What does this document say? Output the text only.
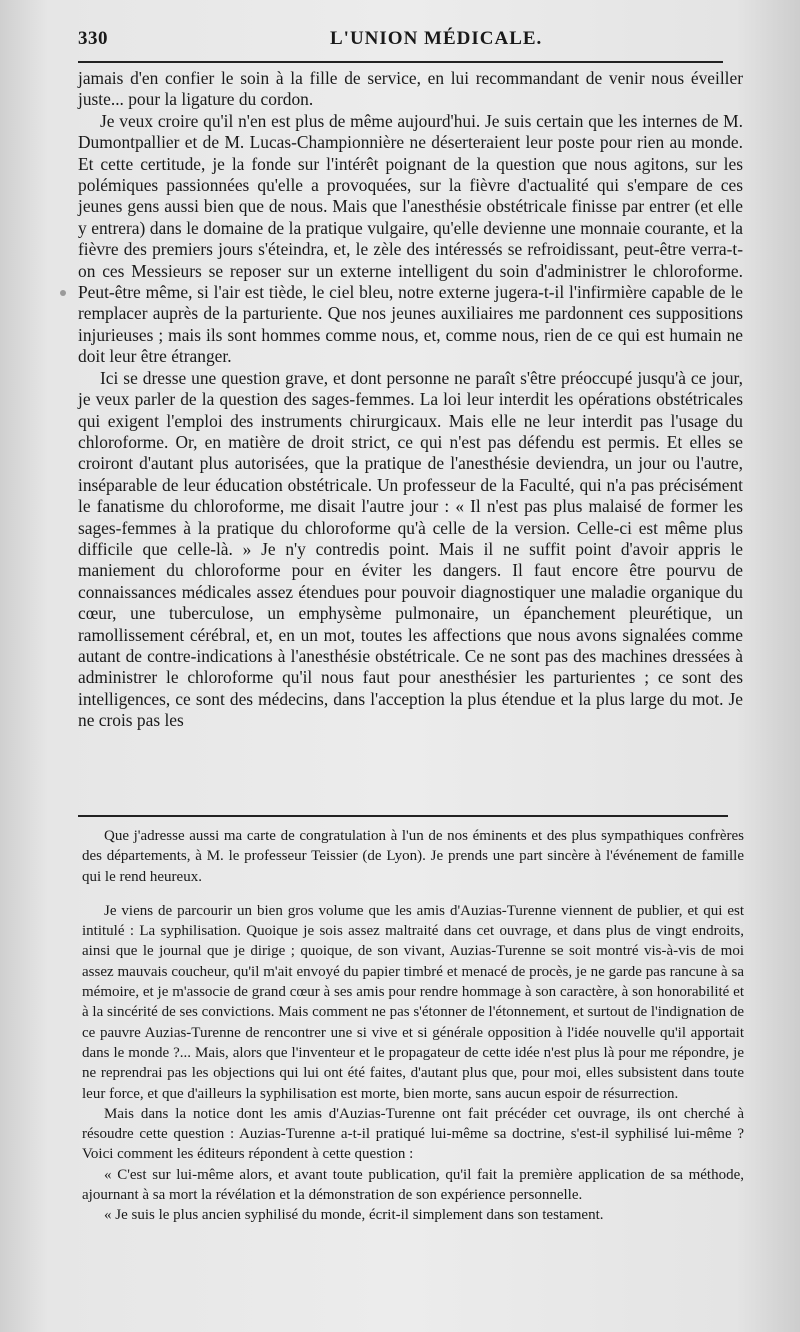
330	L'UNION MÉDICALE.

jamais d'en confier le soin à la fille de service, en lui recommandant de venir nous éveiller juste... pour la ligature du cordon.

Je veux croire qu'il n'en est plus de même aujourd'hui. Je suis certain que les internes de M. Dumontpallier et de M. Lucas-Championnière ne déserteraient leur poste pour rien au monde. Et cette certitude, je la fonde sur l'intérêt poignant de la question que nous agitons, sur les polémiques passionnées qu'elle a provoquées, sur la fièvre d'actualité qui s'empare de ces jeunes gens aussi bien que de nous. Mais que l'anesthésie obstétricale finisse par entrer (et elle y entrera) dans le domaine de la pratique vulgaire, qu'elle devienne une monnaie courante, et la fièvre des premiers jours s'éteindra, et, le zèle des intéressés se refroidissant, peut-être verra-t-on ces Messieurs se reposer sur un externe intelligent du soin d'administrer le chloroforme. Peut-être même, si l'air est tiède, le ciel bleu, notre externe jugera-t-il l'infirmière capable de le remplacer auprès de la parturiente. Que nos jeunes auxiliaires me pardonnent ces suppositions injurieuses ; mais ils sont hommes comme nous, et, comme nous, rien de ce qui est humain ne doit leur être étranger.

Ici se dresse une question grave, et dont personne ne paraît s'être préoccupé jusqu'à ce jour, je veux parler de la question des sages-femmes. La loi leur interdit les opérations obstétricales qui exigent l'emploi des instruments chirurgicaux. Mais elle ne leur interdit pas l'usage du chloroforme. Or, en matière de droit strict, ce qui n'est pas défendu est permis. Et elles se croiront d'autant plus autorisées, que la pratique de l'anesthésie deviendra, un jour ou l'autre, inséparable de leur éducation obstétricale. Un professeur de la Faculté, qui n'a pas précisément le fanatisme du chloroforme, me disait l'autre jour : « Il n'est pas plus malaisé de former les sages-femmes à la pratique du chloroforme qu'à celle de la version. Celle-ci est même plus difficile que celle-là. » Je n'y contredis point. Mais il ne suffit point d'avoir appris le maniement du chloroforme pour en éviter les dangers. Il faut encore être pourvu de connaissances médicales assez étendues pour pouvoir diagnostiquer une maladie organique du cœur, une tuberculose, un emphysème pulmonaire, un épanchement pleurétique, un ramollissement cérébral, et, en un mot, toutes les affections que nous avons signalées comme autant de contre-indications à l'anesthésie obstétricale. Ce ne sont pas des machines dressées à administrer le chloroforme qu'il nous faut pour anesthésier les parturientes ; ce sont des intelligences, ce sont des médecins, dans l'acception la plus étendue et la plus large du mot. Je ne crois pas les

Que j'adresse aussi ma carte de congratulation à l'un de nos éminents et des plus sympathiques confrères des départements, à M. le professeur Teissier (de Lyon). Je prends une part sincère à l'événement de famille qui le rend heureux.

Je viens de parcourir un bien gros volume que les amis d'Auzias-Turenne viennent de publier, et qui est intitulé : La syphilisation. Quoique je sois assez maltraité dans cet ouvrage, et dans plus de vingt endroits, ainsi que le journal que je dirige ; quoique, de son vivant, Auzias-Turenne se soit montré vis-à-vis de moi assez mauvais coucheur, qu'il m'ait envoyé du papier timbré et menacé de procès, je ne garde pas rancune à sa mémoire, et je m'associe de grand cœur à ses amis pour rendre hommage à son caractère, à son honorabilité et à la sincérité de ses convictions. Mais comment ne pas s'étonner de l'étonnement, et surtout de l'indignation de ce pauvre Auzias-Turenne de rencontrer une si vive et si générale opposition à l'idée nouvelle qu'il apportait dans le monde ?... Mais, alors que l'inventeur et le propagateur de cette idée n'est plus là pour me répondre, je ne reprendrai pas les objections qui lui ont été faites, d'autant plus que, pour moi, elles subsistent dans toute leur force, et que d'ailleurs la syphilisation est morte, bien morte, sans aucun espoir de résurrection.

Mais dans la notice dont les amis d'Auzias-Turenne ont fait précéder cet ouvrage, ils ont cherché à résoudre cette question : Auzias-Turenne a-t-il pratiqué lui-même sa doctrine, s'est-il syphilisé lui-même ? Voici comment les éditeurs répondent à cette question :

« C'est sur lui-même alors, et avant toute publication, qu'il fait la première application de sa méthode, ajournant à sa mort la révélation et la démonstration de son expérience personnelle.

« Je suis le plus ancien syphilisé du monde, écrit-il simplement dans son testament.
